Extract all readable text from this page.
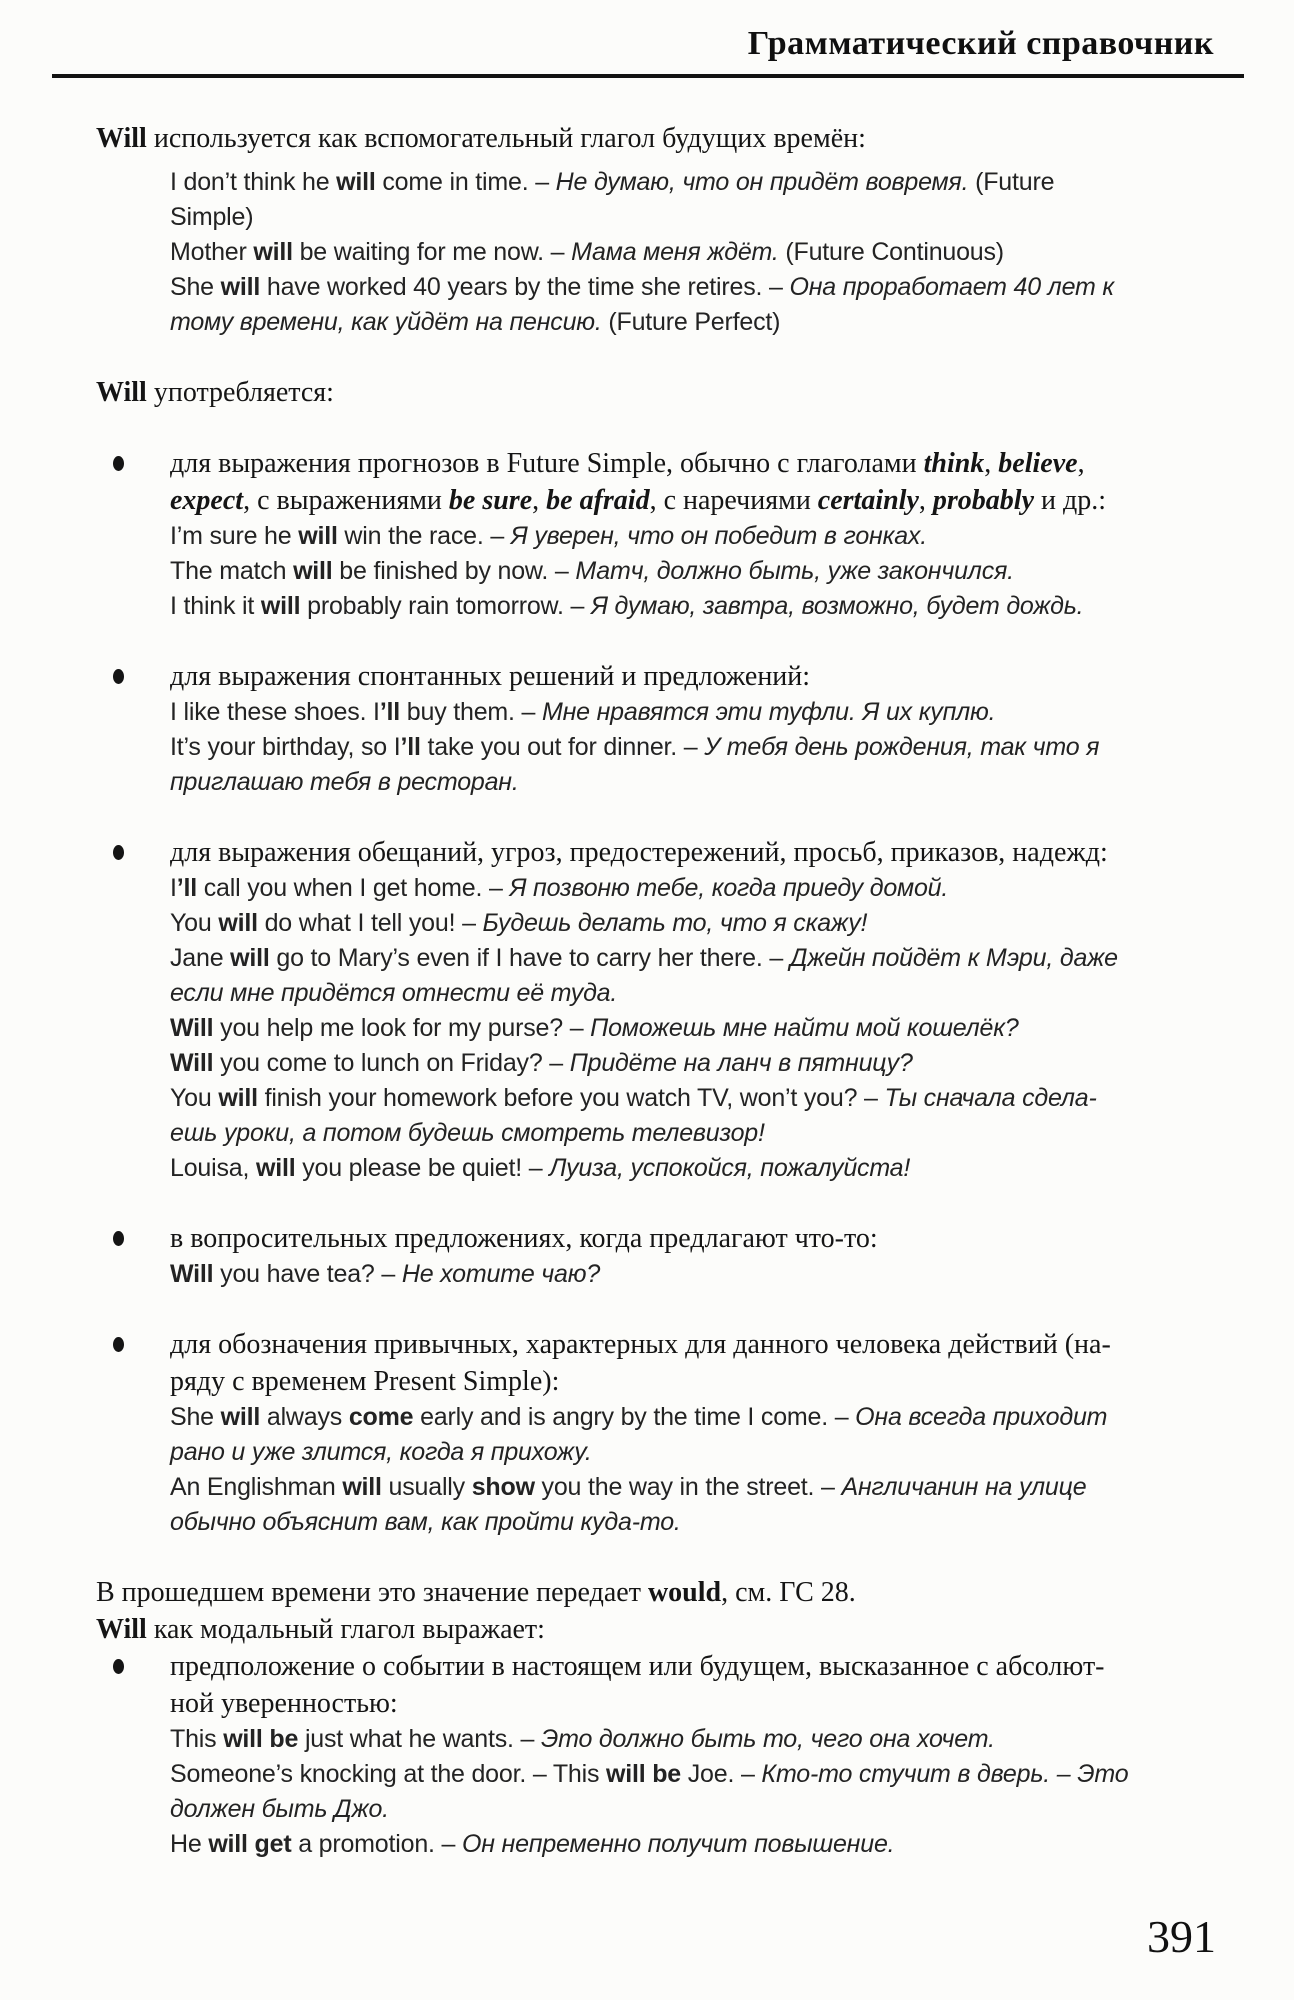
Грамматический справочник
Will используется как вспомогательный глагол будущих времён:
I don’t think he will come in time. – Не думаю, что он придёт вовремя. (Future
Simple)
Mother will be waiting for me now. – Мама меня ждёт. (Future Continuous)
She will have worked 40 years by the time she retires. – Она проработает 40 лет к
тому времени, как уйдёт на пенсию. (Future Perfect)
Will употребляется:
для выражения прогнозов в Future Simple, обычно с глаголами think, believe,
expect, с выражениями be sure, be afraid, с наречиями certainly, probably и др.:
I’m sure he will win the race. – Я уверен, что он победит в гонках.
The match will be finished by now. – Матч, должно быть, уже закончился.
I think it will probably rain tomorrow. – Я думаю, завтра, возможно, будет дождь.
для выражения спонтанных решений и предложений:
I like these shoes. I’ll buy them. – Мне нравятся эти туфли. Я их куплю.
It’s your birthday, so I’ll take you out for dinner. – У тебя день рождения, так что я
приглашаю тебя в ресторан.
для выражения обещаний, угроз, предостережений, просьб, приказов, надежд:
I’ll call you when I get home. – Я позвоню тебе, когда приеду домой.
You will do what I tell you! – Будешь делать то, что я скажу!
Jane will go to Mary’s even if I have to carry her there. – Джейн пойдёт к Мэри, даже
если мне придётся отнести её туда.
Will you help me look for my purse? – Поможешь мне найти мой кошелёк?
Will you come to lunch on Friday? – Придёте на ланч в пятницу?
You will finish your homework before you watch TV, won’t you? – Ты сначала сдела-
ешь уроки, а потом будешь смотреть телевизор!
Louisa, will you please be quiet! – Луиза, успокойся, пожалуйста!
в вопросительных предложениях, когда предлагают что-то:
Will you have tea? – Не хотите чаю?
для обозначения привычных, характерных для данного человека действий (на-
ряду с временем Present Simple):
She will always come early and is angry by the time I come. – Она всегда приходит
рано и уже злится, когда я прихожу.
An Englishman will usually show you the way in the street. – Англичанин на улице
обычно объяснит вам, как пройти куда-то.
В прошедшем времени это значение передает would, см. ГС 28.
Will как модальный глагол выражает:
предположение о событии в настоящем или будущем, высказанное с абсолют-
ной уверенностью:
This will be just what he wants. – Это должно быть то, чего она хочет.
Someone’s knocking at the door. – This will be Joe. – Кто-то стучит в дверь. – Это
должен быть Джо.
He will get a promotion. – Он непременно получит повышение.
391
